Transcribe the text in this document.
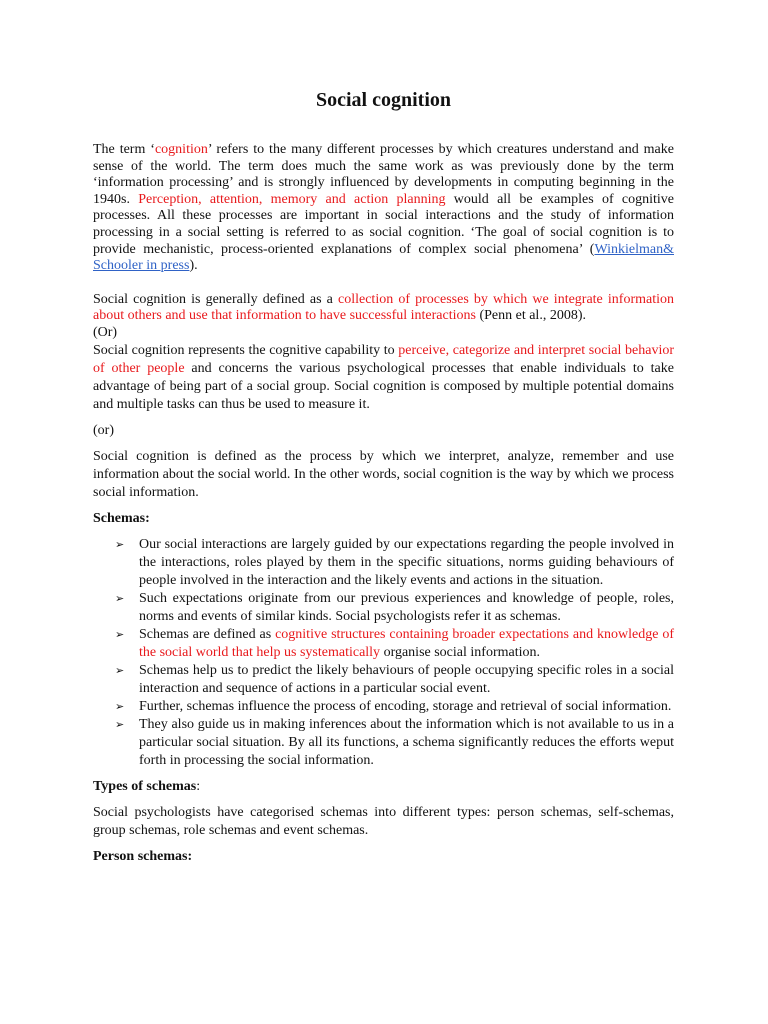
Social cognition

The term ‘cognition’ refers to the many different processes by which creatures understand and make sense of the world. The term does much the same work as was previously done by the term ‘information processing’ and is strongly influenced by developments in computing beginning in the 1940s. Perception, attention, memory and action planning would all be examples of cognitive processes. All these processes are important in social interactions and the study of information processing in a social setting is referred to as social cognition. ‘The goal of social cognition is to provide mechanistic, process-oriented explanations of complex social phenomena’ (Winkielman& Schooler in press).

Social cognition is generally defined as a collection of processes by which we integrate information about others and use that information to have successful interactions (Penn et al., 2008).

(Or)

Social cognition represents the cognitive capability to perceive, categorize and interpret social behavior of other people and concerns the various psychological processes that enable individuals to take advantage of being part of a social group. Social cognition is composed by multiple potential domains and multiple tasks can thus be used to measure it.

(or)

Social cognition is defined as the process by which we interpret, analyze, remember and use information about the social world. In the other words, social cognition is the way by which we process social information.

Schemas:

➢ Our social interactions are largely guided by our expectations regarding the people involved in the interactions, roles played by them in the specific situations, norms guiding behaviours of people involved in the interaction and the likely events and actions in the situation.
➢ Such expectations originate from our previous experiences and knowledge of people, roles, norms and events of similar kinds. Social psychologists refer it as schemas.
➢ Schemas are defined as cognitive structures containing broader expectations and knowledge of the social world that help us systematically organise social information.
➢ Schemas help us to predict the likely behaviours of people occupying specific roles in a social interaction and sequence of actions in a particular social event.
➢ Further, schemas influence the process of encoding, storage and retrieval of social information.
➢ They also guide us in making inferences about the information which is not available to us in a particular social situation. By all its functions, a schema significantly reduces the efforts weput forth in processing the social information.

Types of schemas:

Social psychologists have categorised schemas into different types: person schemas, self-schemas, group schemas, role schemas and event schemas.

Person schemas:
